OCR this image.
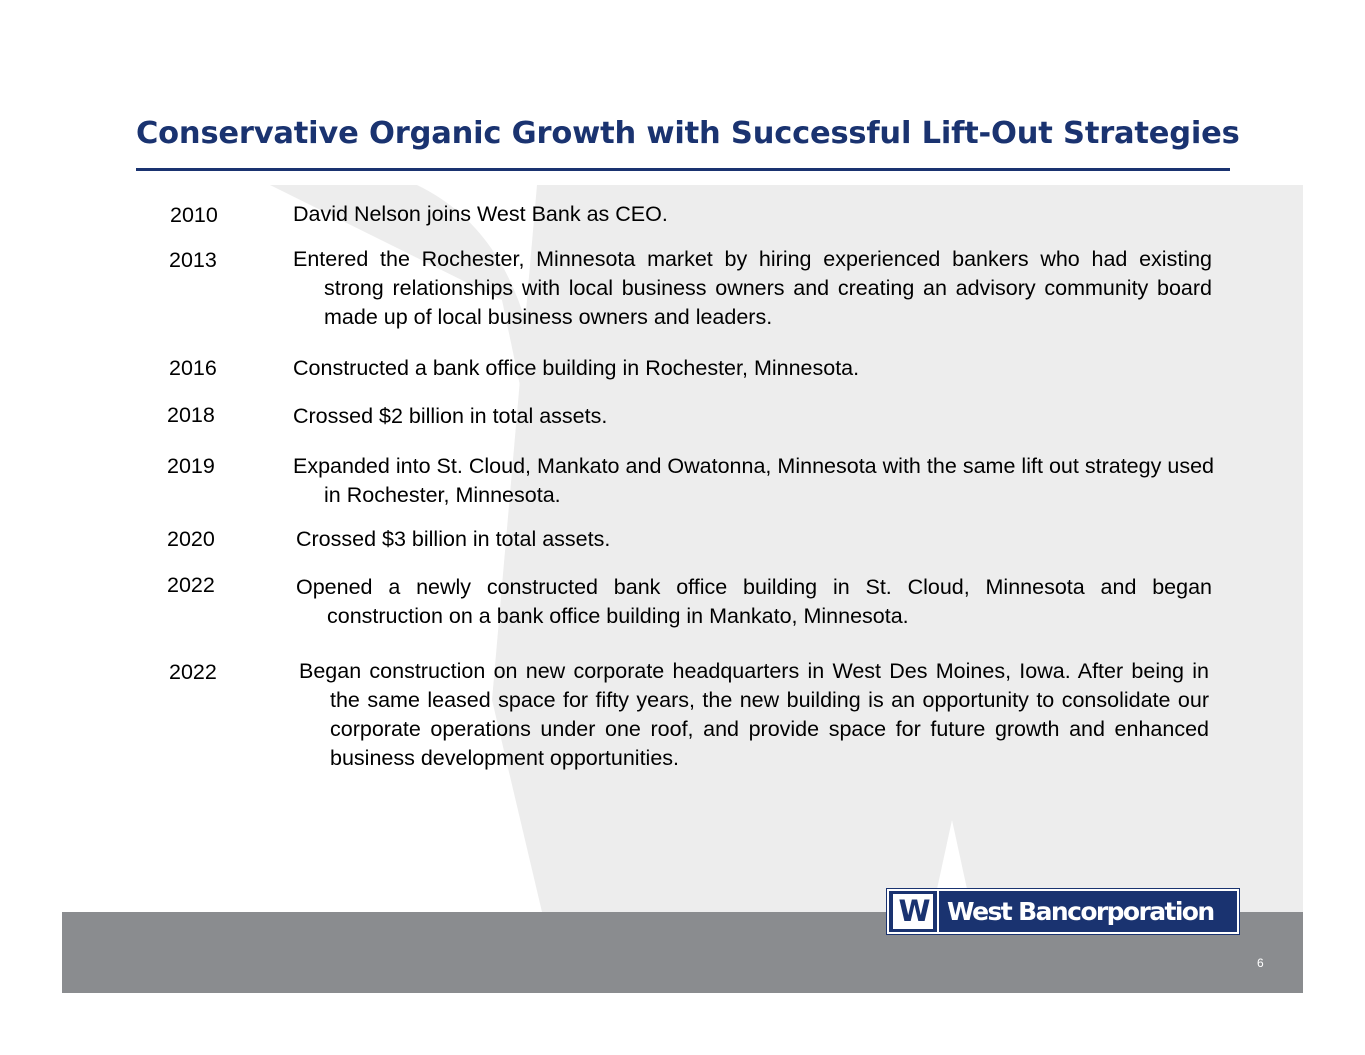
Conservative Organic Growth with Successful Lift-Out Strategies
2010	David Nelson joins West Bank as CEO.
2013	Entered the Rochester, Minnesota market by hiring experienced bankers who had existing strong relationships with local business owners and creating an advisory community board made up of local business owners and leaders.
2016	Constructed a bank office building in Rochester, Minnesota.
2018	Crossed $2 billion in total assets.
2019	Expanded into St. Cloud, Mankato and Owatonna, Minnesota with the same lift out strategy used in Rochester, Minnesota.
2020	Crossed $3 billion in total assets.
2022	Opened a newly constructed bank office building in St. Cloud, Minnesota and began construction on a bank office building in Mankato, Minnesota.
2022	Began construction on new corporate headquarters in West Des Moines, Iowa. After being in the same leased space for fifty years, the new building is an opportunity to consolidate our corporate operations under one roof, and provide space for future growth and enhanced business development opportunities.
W West Bancorporation
6
